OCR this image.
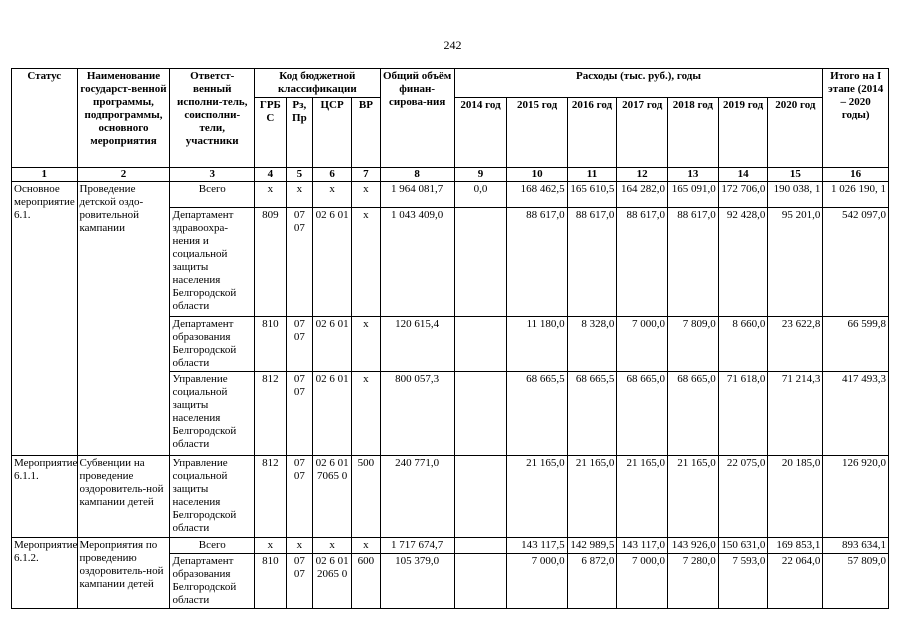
242
Статус	Наименование государст-венной программы, подпрограммы, основного мероприятия	Ответст-венный исполни-тель, соисполни-тели, участники	Код бюджетной классификации				Общий объём финан-сирова-ния	Расходы (тыс. руб.), годы							Итого на I этапе (2014 – 2020 годы)
			ГРБ С	Рз, Пр	ЦСР	ВР		2014 год	2015 год	2016 год	2017 год	2018 год	2019 год	2020 год	
1	2	3	4	5	6	7	8	9	10	11	12	13	14	15	16
Основное мероприятие 6.1.	Проведение детской оздо-ровительной кампании	Всего	х	х	х	х	1 964 081,7	0,0	168 462,5	165 610,5	164 282,0	165 091,0	172 706,0	190 038, 1	1 026 190, 1
		Департамент здравоохра-нения и социальной защиты населения Белгородской области	809	07 07	02 6 01	х	1 043 409,0		88 617,0	88 617,0	88 617,0	88 617,0	92 428,0	95 201,0	542 097,0
		Департамент образования Белгородской области	810	07 07	02 6 01	х	120 615,4		11 180,0	8 328,0	7 000,0	7 809,0	8 660,0	23 622,8	66 599,8
		Управление социальной защиты населения Белгородской области	812	07 07	02 6 01	х	800 057,3		68 665,5	68 665,5	68 665,0	68 665,0	71 618,0	71 214,3	417 493,3
Мероприятие 6.1.1.	Субвенции на проведение оздоровитель-ной кампании детей	Управление социальной защиты населения Белгородской области	812	07 07	02 6 01 7065 0	500	240 771,0		21 165,0	21 165,0	21 165,0	21 165,0	22 075,0	20 185,0	126 920,0
Мероприятие 6.1.2.	Мероприятия по проведению оздоровитель-ной кампании детей	Всего	х	х	х	х	1 717 674,7		143 117,5	142 989,5	143 117,0	143 926,0	150 631,0	169 853,1	893 634,1
		Департамент образования Белгородской области	810	07 07	02 6 01 2065 0	600	105 379,0		7 000,0	6 872,0	7 000,0	7 280,0	7 593,0	22 064,0	57 809,0
